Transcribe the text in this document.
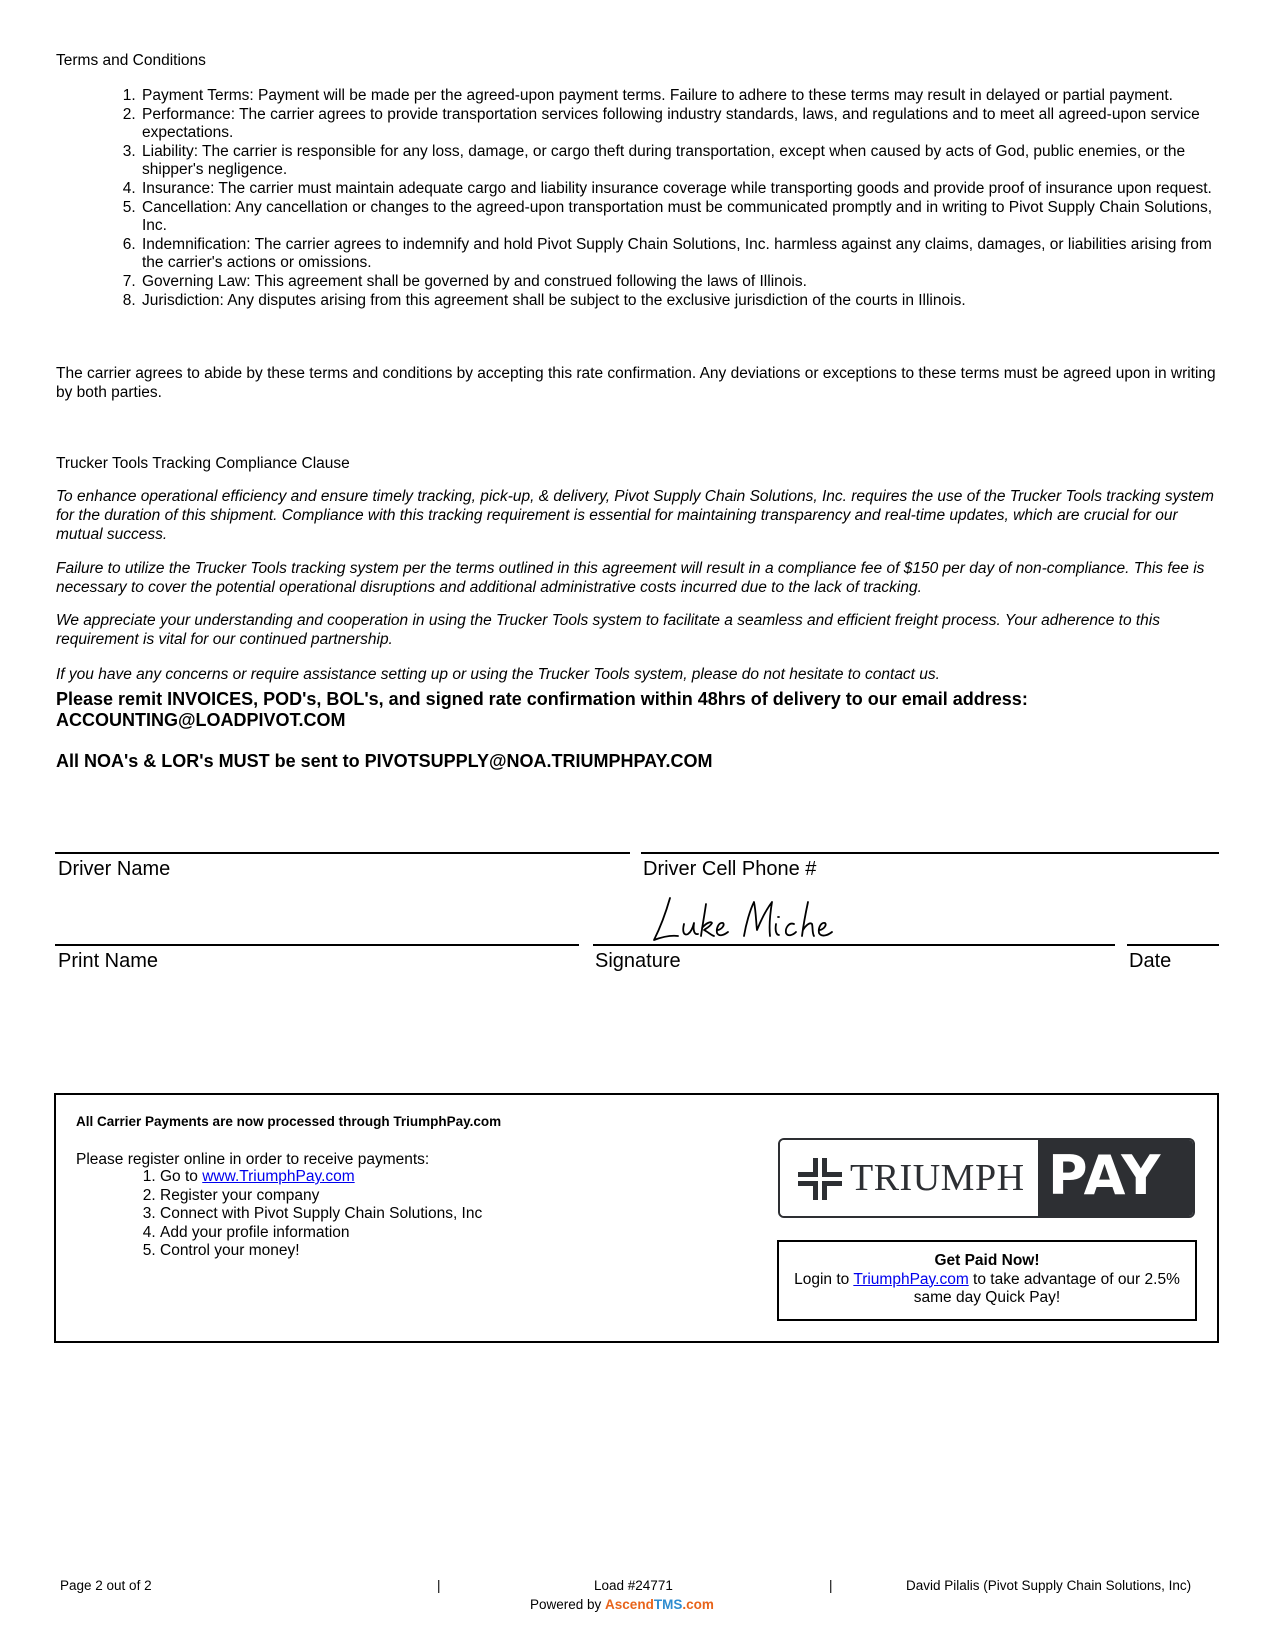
Terms and Conditions
1. Payment Terms: Payment will be made per the agreed-upon payment terms. Failure to adhere to these terms may result in delayed or partial payment.
2. Performance: The carrier agrees to provide transportation services following industry standards, laws, and regulations and to meet all agreed-upon service expectations.
3. Liability: The carrier is responsible for any loss, damage, or cargo theft during transportation, except when caused by acts of God, public enemies, or the shipper's negligence.
4. Insurance: The carrier must maintain adequate cargo and liability insurance coverage while transporting goods and provide proof of insurance upon request.
5. Cancellation: Any cancellation or changes to the agreed-upon transportation must be communicated promptly and in writing to Pivot Supply Chain Solutions, Inc.
6. Indemnification: The carrier agrees to indemnify and hold Pivot Supply Chain Solutions, Inc. harmless against any claims, damages, or liabilities arising from the carrier's actions or omissions.
7. Governing Law: This agreement shall be governed by and construed following the laws of Illinois.
8. Jurisdiction: Any disputes arising from this agreement shall be subject to the exclusive jurisdiction of the courts in Illinois.
The carrier agrees to abide by these terms and conditions by accepting this rate confirmation. Any deviations or exceptions to these terms must be agreed upon in writing by both parties.
Trucker Tools Tracking Compliance Clause
To enhance operational efficiency and ensure timely tracking, pick-up, & delivery, Pivot Supply Chain Solutions, Inc. requires the use of the Trucker Tools tracking system for the duration of this shipment. Compliance with this tracking requirement is essential for maintaining transparency and real-time updates, which are crucial for our mutual success.
Failure to utilize the Trucker Tools tracking system per the terms outlined in this agreement will result in a compliance fee of $150 per day of non-compliance. This fee is necessary to cover the potential operational disruptions and additional administrative costs incurred due to the lack of tracking.
We appreciate your understanding and cooperation in using the Trucker Tools system to facilitate a seamless and efficient freight process. Your adherence to this requirement is vital for our continued partnership.
If you have any concerns or require assistance setting up or using the Trucker Tools system, please do not hesitate to contact us.
Please remit INVOICES, POD's, BOL's, and signed rate confirmation within 48hrs of delivery to our email address: ACCOUNTING@LOADPIVOT.COM
All NOA's & LOR's MUST be sent to PIVOTSUPPLY@NOA.TRIUMPHPAY.COM
Driver Name	Driver Cell Phone #
Print Name	Signature	Date
All Carrier Payments are now processed through TriumphPay.com
Please register online in order to receive payments:
1. Go to www.TriumphPay.com
2. Register your company
3. Connect with Pivot Supply Chain Solutions, Inc
4. Add your profile information
5. Control your money!
TRIUMPH PAY
Get Paid Now!
Login to TriumphPay.com to take advantage of our 2.5% same day Quick Pay!
Page 2 out of 2	|	Load #24771	|	David Pilalis (Pivot Supply Chain Solutions, Inc)
Powered by AscendTMS.com
